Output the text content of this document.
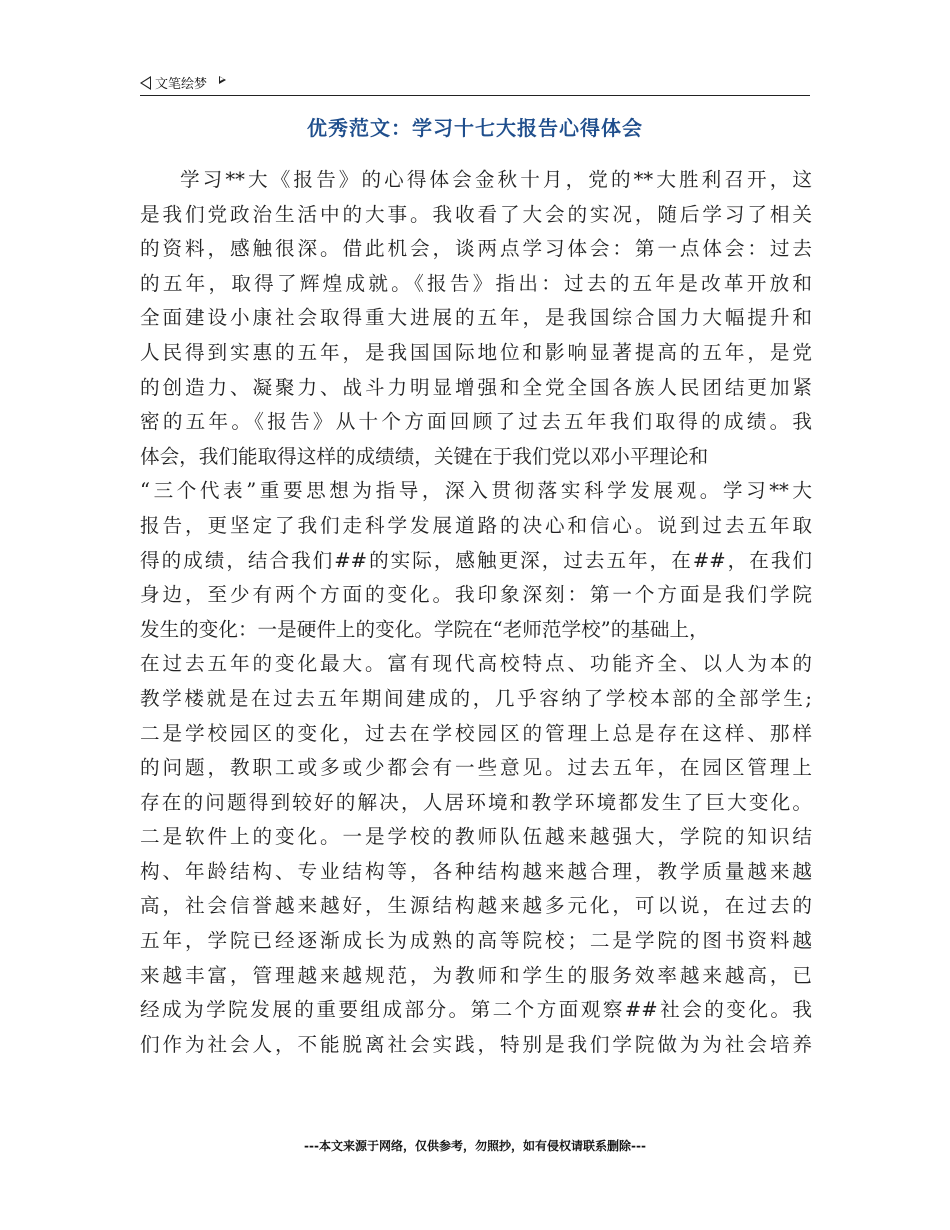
文笔绘梦
优秀范文：学习十七大报告心得体会
学习**大《报告》的心得体会金秋十月，党的**大胜利召开，这
是我们党政治生活中的大事。我收看了大会的实况，随后学习了相关
的资料，感触很深。借此机会，谈两点学习体会：第一点体会：过去
的五年，取得了辉煌成就。《报告》指出：过去的五年是改革开放和
全面建设小康社会取得重大进展的五年，是我国综合国力大幅提升和
人民得到实惠的五年，是我国国际地位和影响显著提高的五年，是党
的创造力、凝聚力、战斗力明显增强和全党全国各族人民团结更加紧
密的五年。《报告》从十个方面回顾了过去五年我们取得的成绩。我
体会，我们能取得这样的成绩绩，关键在于我们党以邓小平理论和
“三个代表”重要思想为指导，深入贯彻落实科学发展观。学习**大
报告，更坚定了我们走科学发展道路的决心和信心。说到过去五年取
得的成绩，结合我们##的实际，感触更深，过去五年，在##，在我们
身边，至少有两个方面的变化。我印象深刻：第一个方面是我们学院
发生的变化：一是硬件上的变化。学院在“老师范学校”的基础上，
在过去五年的变化最大。富有现代高校特点、功能齐全、以人为本的
教学楼就是在过去五年期间建成的，几乎容纳了学校本部的全部学生;
二是学校园区的变化，过去在学校园区的管理上总是存在这样、那样
的问题，教职工或多或少都会有一些意见。过去五年，在园区管理上
存在的问题得到较好的解决，人居环境和教学环境都发生了巨大变化。
二是软件上的变化。一是学校的教师队伍越来越强大，学院的知识结
构、年龄结构、专业结构等，各种结构越来越合理，教学质量越来越
高，社会信誉越来越好，生源结构越来越多元化，可以说，在过去的
五年，学院已经逐渐成长为成熟的高等院校；二是学院的图书资料越
来越丰富，管理越来越规范，为教师和学生的服务效率越来越高，已
经成为学院发展的重要组成部分。第二个方面观察##社会的变化。我
们作为社会人，不能脱离社会实践，特别是我们学院做为为社会培养
---本文来源于网络，仅供参考，勿照抄，如有侵权请联系删除---
